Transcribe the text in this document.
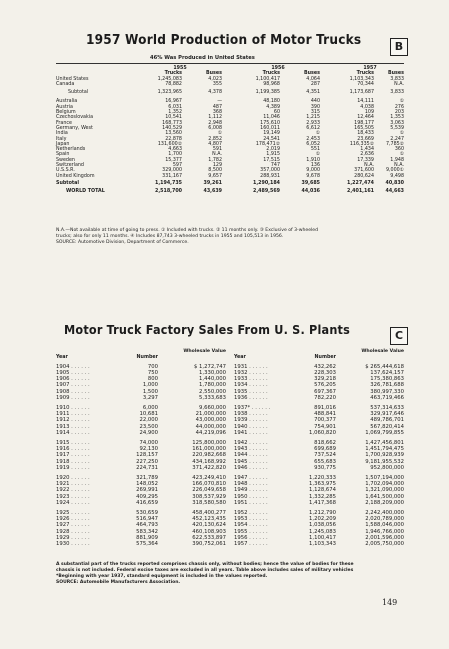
1957 World Production of Motor Trucks	B
46% Was Produced in United States
	1955			1956			1957	
	Trucks	Buses		Trucks	Buses		Trucks	Buses
United States	1,245,083	4,023		1,100,417	4,064		1,103,343	3,833
Canada	78,882	355		98,968	287		70,344	N.A.

Subtotal	1,323,965	4,378		1,199,385	4,351		1,173,687	3,833

Australia	16,967	—		48,180	440		14,111	①
Austria	6,031	487		4,389	390		4,038	276
Belgium	1,352	368		60	315		109	203
Czechoslovakia	10,541	1,112		11,046	1,215		12,464	1,353
France	168,773	2,948		175,610	2,933		198,177	3,063
Germany, West	140,529	6,008		160,011	6,612		165,505	5,539
India	13,560	①		19,149	①		18,433	①
Italy	22,878	2,852		24,541	2,453		23,669	2,247
Japan	131,600②	4,807		178,471②	6,052		116,335②	7,785②
Netherlands	4,663	591		2,019	551		1,434	360
Spain	1,700	N.A.		1,915	①		2,636	①
Sweden	15,377	1,782		17,515	1,910		17,339	1,948
Switzerland	597	129		747	136		N.A.	N.A.
U.S.S.R.	329,000	8,500		357,000	9,000		371,600	9,000①
United Kingdom	331,167	9,657		288,931	9,678		280,624	9,498

Subtotal	1,194,735	39,261		1,290,184	39,685		1,227,474	40,830

WORLD TOTAL	2,518,700	43,639		2,489,569	44,036		2,401,161	44,663
N.A.—Not available at time of going to press. ① Included with trucks. ② 11 months only. ③ Exclusive of 3-wheeled
trucks; also for only 11 months. ④ Includes 87,743 3-wheeled trucks in 1955 and 105,513 in 1956.
SOURCE: Automotive Division, Department of Commerce.
Motor Truck Factory Sales From U. S. Plants	C
		Wholesale Value
Year	Number	

1904 . . . . . .	700	$ 1,272,747
1905 . . . . . .	750	1,330,000
1906 . . . . . .	800	1,440,000
1907 . . . . . .	1,000	1,780,000
1908 . . . . . .	1,500	2,550,000
1909 . . . . . .	3,297	5,333,683

1910 . . . . . .	6,000	9,660,000
1911 . . . . . .	10,681	21,000,000
1912 . . . . . .	22,000	43,000,000
1913 . . . . . .	23,500	44,000,000
1914 . . . . . .	24,900	44,219,096

1915 . . . . . .	74,000	125,800,000
1916 . . . . . .	92,130	161,000,000
1917 . . . . . .	128,157	220,982,668
1918 . . . . . .	227,250	434,168,992
1919 . . . . . .	224,731	371,422,820

1920 . . . . . .	321,789	423,249,410
1921 . . . . . .	148,052	166,070,810
1922 . . . . . .	269,991	226,049,658
1923 . . . . . .	409,295	308,537,929
1924 . . . . . .	416,659	318,580,580

1925 . . . . . .	530,659	458,400,277
1926 . . . . . .	516,947	452,123,435
1927 . . . . . .	464,793	420,130,624
1928 . . . . . .	583,342	460,108,903
1929 . . . . . .	881,909	622,533,897
1930 . . . . . .	575,364	390,752,061

		Wholesale Value
Year	Number	

1931 . . . . . .	432,262	$ 265,444,618
1932 . . . . . .	228,303	137,624,157
1933 . . . . . .	329,218	175,380,863
1934 . . . . . .	576,205	326,781,688
1935 . . . . . .	697,367	380,997,330
1936 . . . . . .	782,220	463,719,466

1937* . . . . . .	891,016	537,314,633
1938 . . . . . .	488,841	329,917,646
1939 . . . . . .	700,377	489,786,701
1940 . . . . . .	754,901	567,820,414
1941 . . . . . .	1,060,820	1,069,799,855

1942 . . . . . .	818,662	1,427,456,801
1943 . . . . . .	699,689	1,451,794,475
1944 . . . . . .	737,524	1,700,928,939
1945 . . . . . .	655,683	9,181,955,532
1946 . . . . . .	930,775	952,800,000

1947 . . . . . .	1,220,333	1,507,194,000
1948 . . . . . .	1,363,975	1,702,094,000
1949 . . . . . .	1,128,674	1,321,090,000
1950 . . . . . .	1,332,285	1,641,500,000
1951 . . . . . .	1,417,368	2,188,209,000

1952 . . . . . .	1,212,790	2,242,400,000
1953 . . . . . .	1,202,209	2,020,789,000
1954 . . . . . .	1,038,056	1,588,046,000
1955 . . . . . .	1,245,083	1,946,766,000
1956 . . . . . .	1,100,417	2,001,596,000
1957 . . . . . .	1,103,343	2,005,750,000

A substantial part of the trucks reported comprises chassis only, without bodies; hence the value of bodies for these
chassis is not included. Federal excise taxes are excluded in all years. Table above includes sales of military vehicles
*Beginning with year 1937, standard equipment is included in the values reported.
SOURCE: Automobile Manufacturers Association.
149
